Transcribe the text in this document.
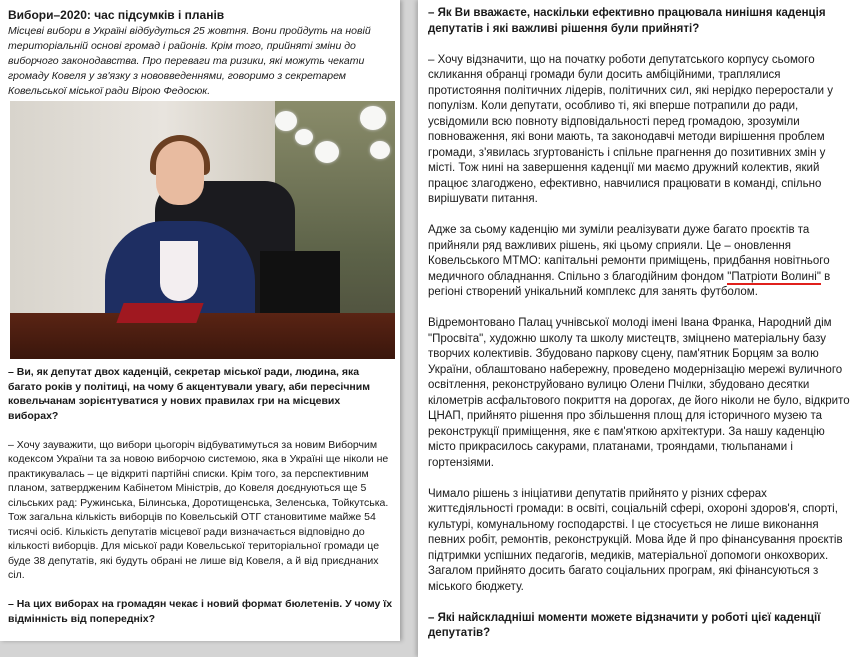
Вибори–2020: час підсумків і планів
Місцеві вибори в Україні відбудуться 25 жовтня. Вони пройдуть на новій територіальній основі громад і районів. Крім того, прийняті зміни до виборчого законодавства. Про переваги та ризики, які можуть чекати громаду Ковеля у зв'язку з нововведеннями, говоримо з секретарем Ковельської міської ради Вірою Федосюк.

– Ви, як депутат двох каденцій, секретар міської ради, людина, яка багато років у політиці, на чому б акцентували увагу, аби пересічним ковельчанам зорієнтуватися у нових правилах гри на місцевих виборах?

– Хочу зауважити, що вибори цьогоріч відбуватимуться за новим Виборчим кодексом України та за новою виборчою системою, яка в Україні ще ніколи не практикувалась – це відкриті партійні списки. Крім того, за перспективним планом, затвердженим Кабінетом Міністрів, до Ковеля доєднуються ще 5 сільських рад: Ружинська, Білинська, Доротищенська, Зеленська, Тойкутська. Тож загальна кількість виборців по Ковельській ОТГ становитиме майже 54 тисячі осіб. Кількість депутатів місцевої ради визначається відповідно до кількості виборців. Для міської ради Ковельської територіальної громади це буде 38 депутатів, які будуть обрані не лише від Ковеля, а й від приєднаних сіл.

– На цих виборах на громадян чекає і новий формат бюлетенів. У чому їх відмінність від попередніх?

– Як Ви вважаєте, наскільки ефективно працювала нинішня каденція депутатів і які важливі рішення були прийняті?

– Хочу відзначити, що на початку роботи депутатського корпусу сьомого скликання обранці громади були досить амбіційними, траплялися протистояння політичних лідерів, політичних сил, які нерідко переростали у популізм. Коли депутати, особливо ті, які вперше потрапили до ради, усвідомили всю повноту відповідальності перед громадою, зрозуміли повноваження, які вони мають, та законодавчі методи вирішення проблем громади, з'явилась згуртованість і спільне прагнення до позитивних змін у місті. Тож нині на завершення каденції ми маємо дружний колектив, який працює злагоджено, ефективно, навчилися працювати в команді, спільно вирішувати питання.

Адже за сьому каденцію ми зуміли реалізувати дуже багато проєктів та прийняли ряд важливих рішень, які цьому сприяли. Це – оновлення Ковельського МТМО: капітальні ремонти приміщень, придбання новітнього медичного обладнання. Спільно з благодійним фондом "Патріоти Волині" в регіоні створений унікальний комплекс для занять футболом.

Відремонтовано Палац учнівської молоді імені Івана Франка, Народний дім "Просвіта", художню школу та школу мистецтв, зміцнено матеріальну базу творчих колективів. Збудовано паркову сцену, пам'ятник Борцям за волю України, облаштовано набережну, проведено модернізацію мережі вуличного освітлення, реконструйовано вулицю Олени Пчілки, збудовано десятки кілометрів асфальтового покриття на дорогах, де його ніколи не було, відкрито ЦНАП, прийнято рішення про збільшення площ для історичного музею та реконструкції приміщення, яке є пам'яткою архітектури. За нашу каденцію місто прикрасилось сакурами, платанами, трояндами, тюльпанами і гортензіями.

Чимало рішень з ініціативи депутатів прийнято у різних сферах життєдіяльності громади: в освіті, соціальній сфері, охороні здоров'я, спорті, культурі, комунальному господарстві. І це стосується не лише виконання певних робіт, ремонтів, реконструкцій. Мова йде й про фінансування проєктів підтримки успішних педагогів, медиків, матеріальної допомоги онкохворих. Загалом прийнято досить багато соціальних програм, які фінансуються з міського бюджету.

– Які найскладніші моменти можете відзначити у роботі цієї каденції депутатів?
